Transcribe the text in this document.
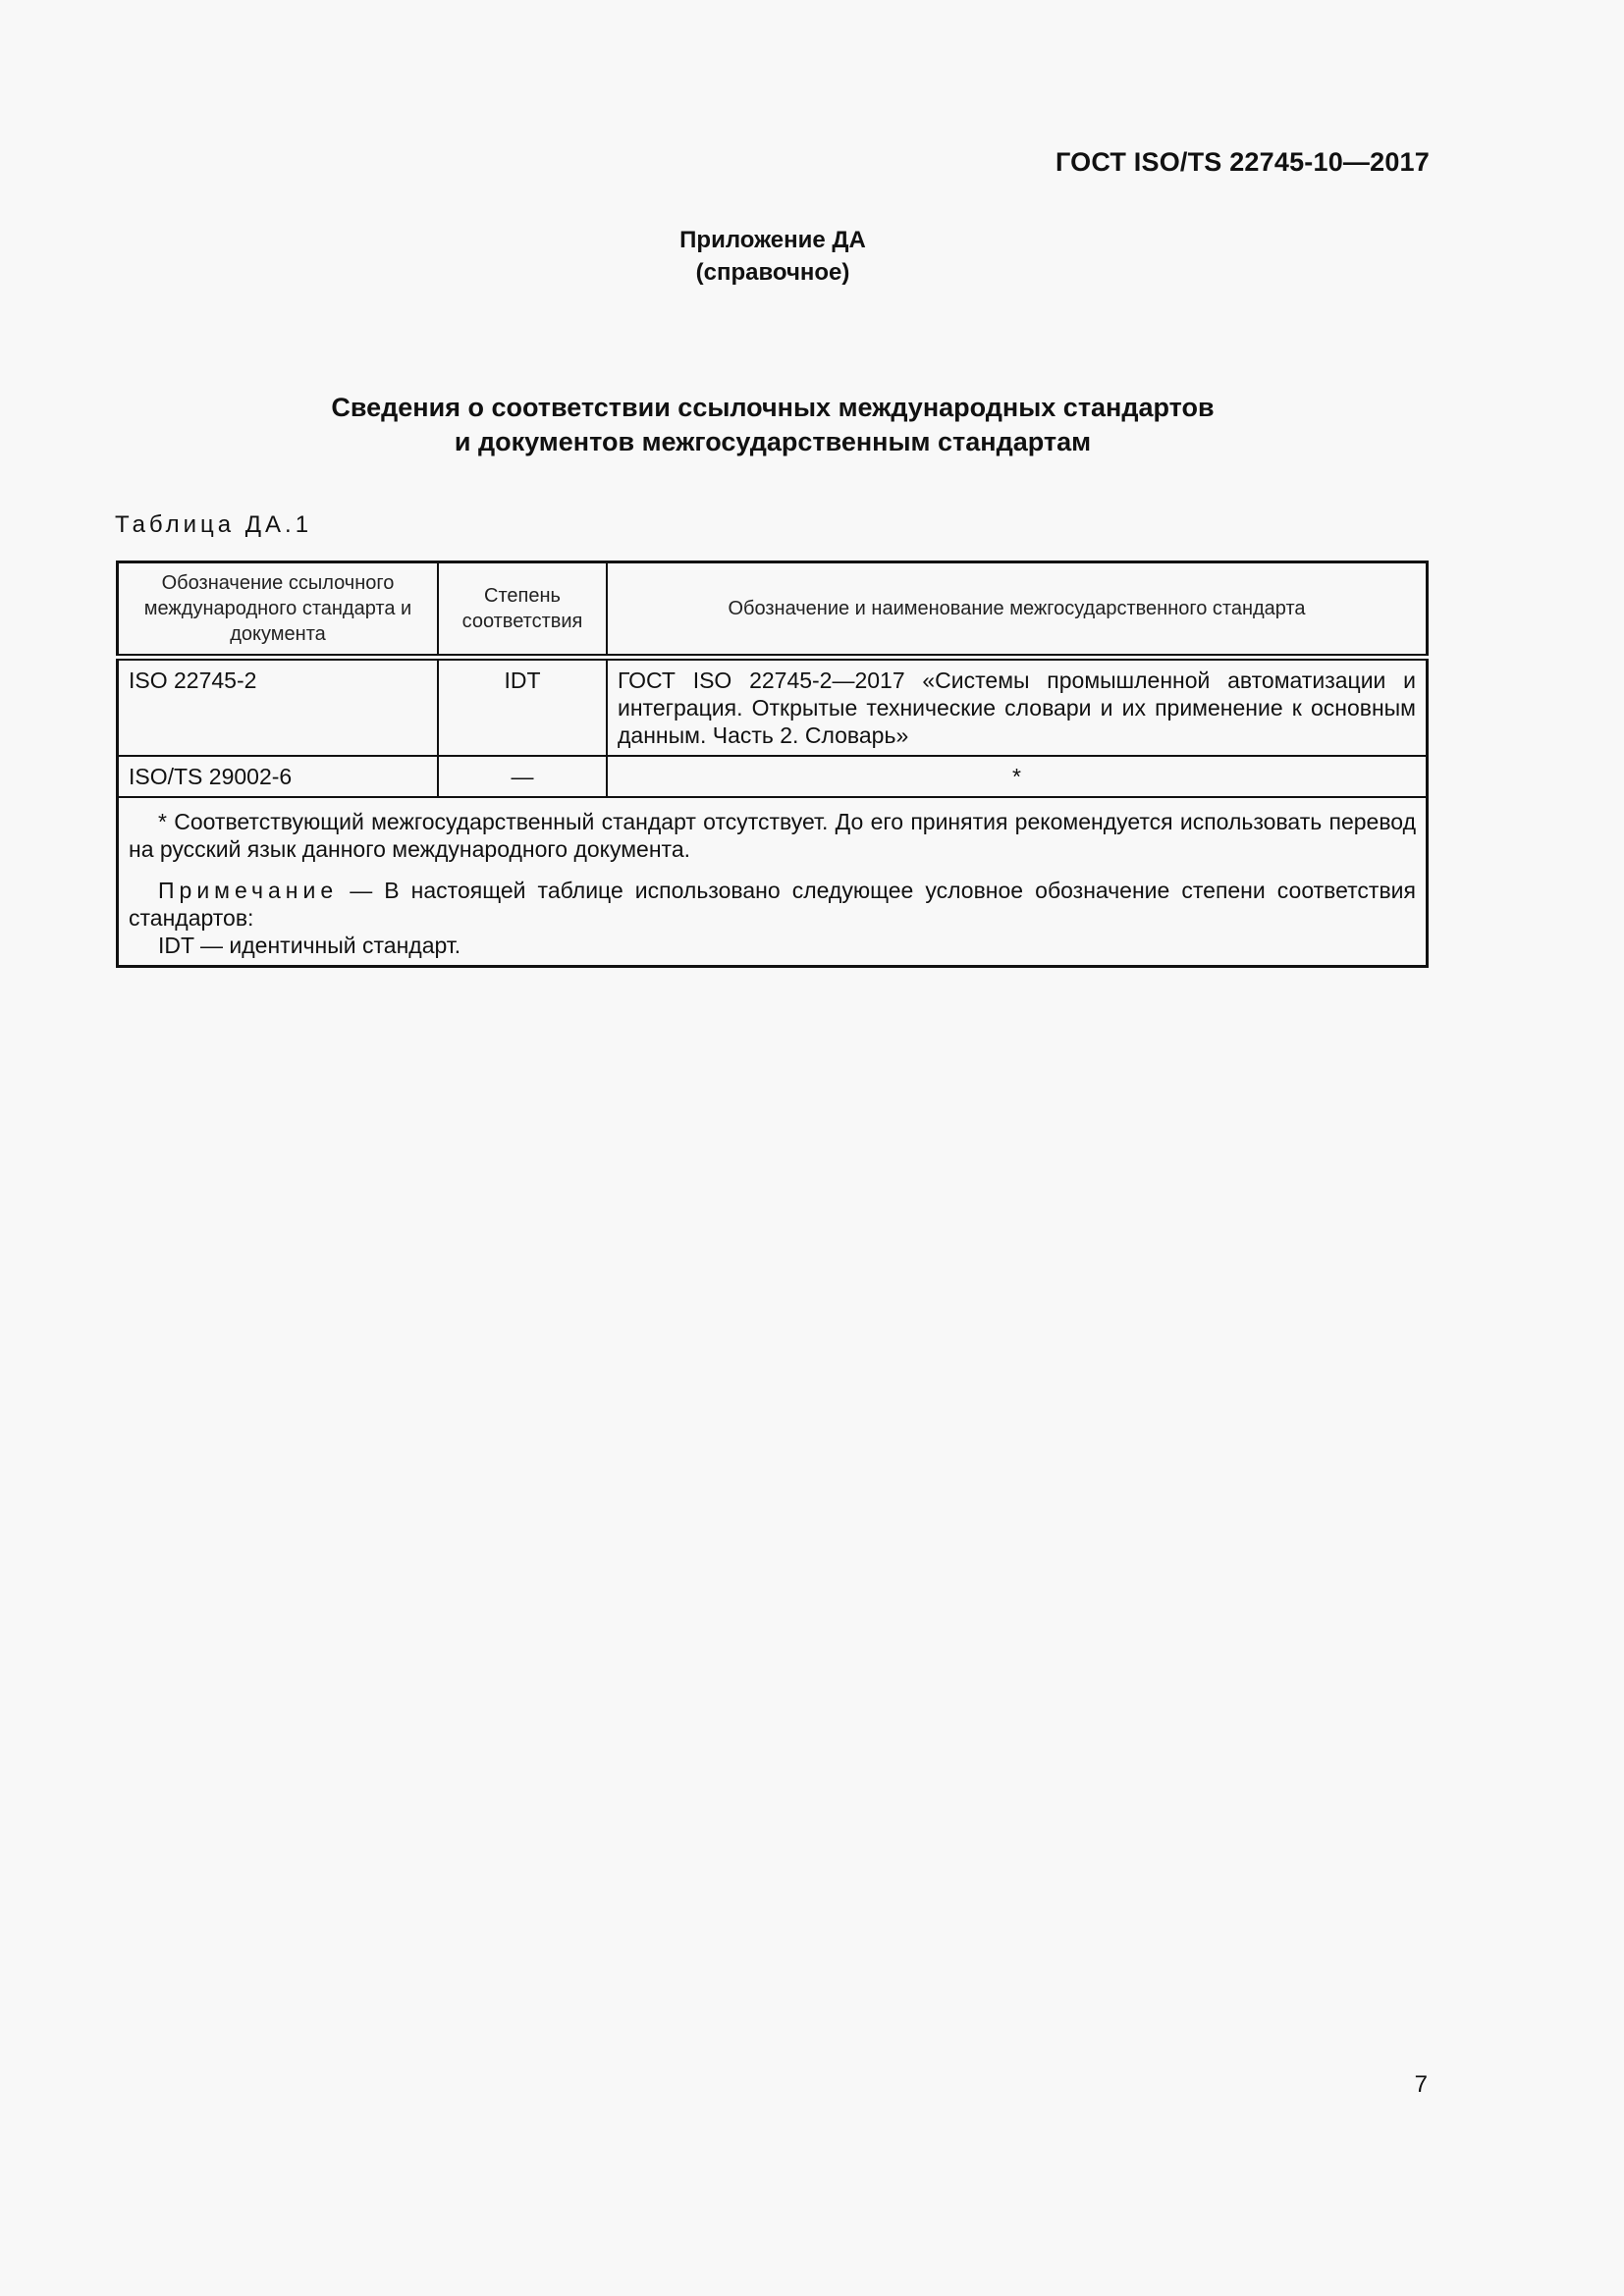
ГОСТ ISO/TS 22745-10—2017
Приложение ДА
(справочное)
Сведения о соответствии ссылочных международных стандартов
и документов межгосударственным стандартам
Таблица ДА.1
Обозначение ссылочного международного стандарта и документа	Степень соответствия	Обозначение и наименование межгосударственного стандарта
ISO 22745-2	IDT	ГОСТ ISO 22745-2—2017 «Системы промышленной автоматизации и интеграция. Открытые технические словари и их применение к основным данным. Часть 2. Словарь»
ISO/TS 29002-6	—	*

* Соответствующий межгосударственный стандарт отсутствует. До его принятия рекомендуется использовать перевод на русский язык данного международного документа.

Примечание — В настоящей таблице использовано следующее условное обозначение степени соответствия стандартов:

IDT — идентичный стандарт.		

7
